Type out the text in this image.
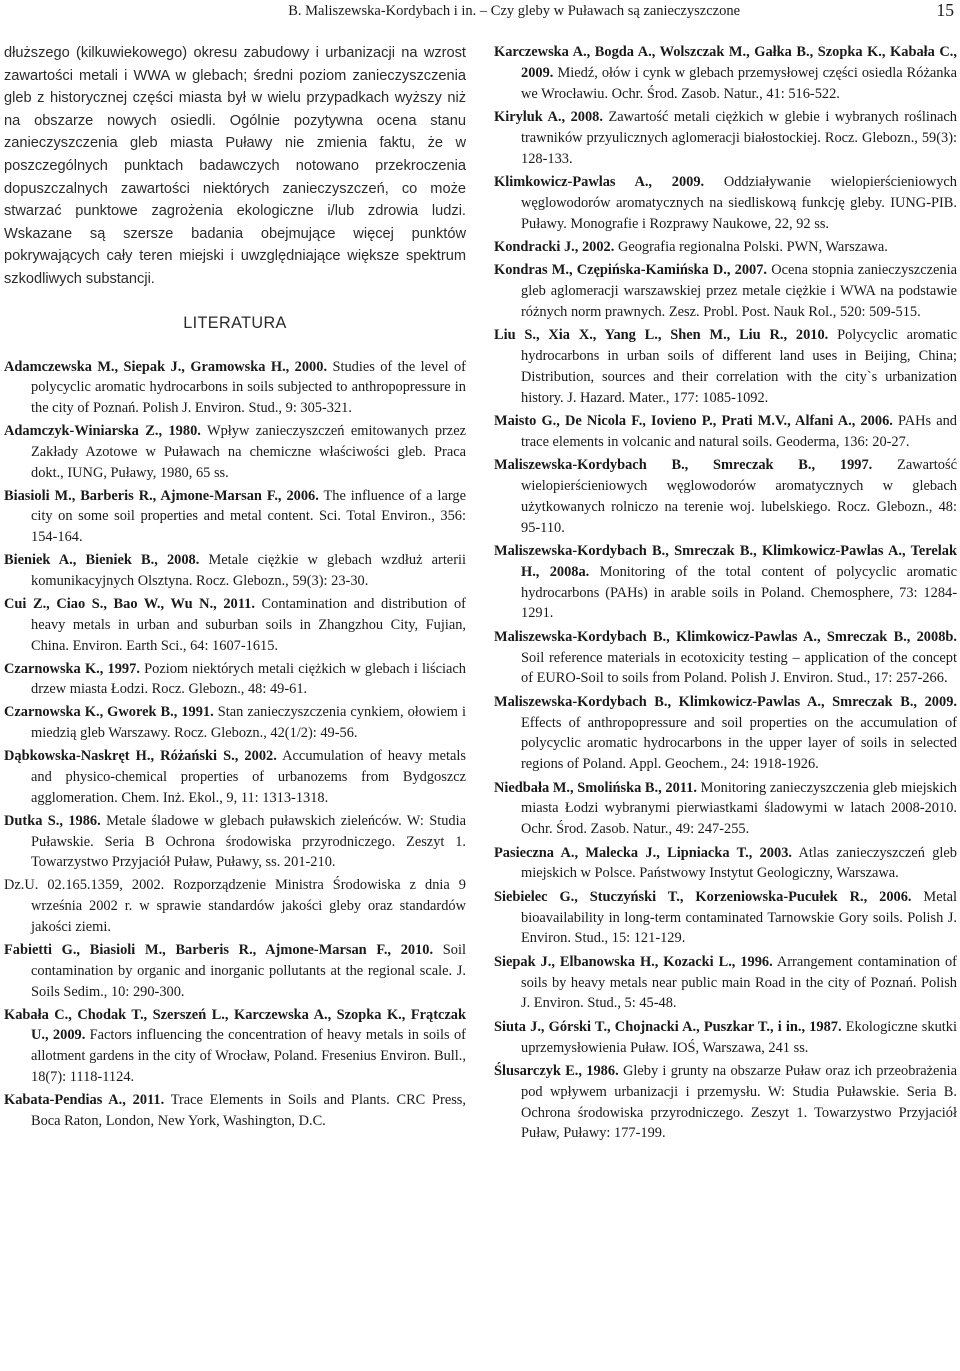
B. Maliszewska-Kordybach i in. – Czy gleby w Puławach są zanieczyszczone	15

dłuższego (kilkuwiekowego) okresu zabudowy i urbanizacji na wzrost zawartości metali i WWA w glebach; średni poziom zanieczyszczenia gleb z historycznej części miasta był w wielu przypadkach wyższy niż na obszarze nowych osiedli. Ogólnie pozytywna ocena stanu zanieczyszczenia gleb miasta Puławy nie zmienia faktu, że w poszczególnych punktach badawczych notowano przekroczenia dopuszczalnych zawartości niektórych zanieczyszczeń, co może stwarzać punktowe zagrożenia ekologiczne i/lub zdrowia ludzi. Wskazane są szersze badania obejmujące więcej punktów pokrywających cały teren miejski i uwzględniające większe spektrum szkodliwych substancji.

LITERATURA
Adamczewska M., Siepak J., Gramowska H., 2000. Studies of the level of polycyclic aromatic hydrocarbons in soils subjected to anthropopressure in the city of Poznań. Polish J. Environ. Stud., 9: 305-321.
Adamczyk-Winiarska Z., 1980. Wpływ zanieczyszczeń emitowanych przez Zakłady Azotowe w Puławach na chemiczne właściwości gleb. Praca dokt., IUNG, Puławy, 1980, 65 ss.
Biasioli M., Barberis R., Ajmone-Marsan F., 2006. The influence of a large city on some soil properties and metal content. Sci. Total Environ., 356: 154-164.
Bieniek A., Bieniek B., 2008. Metale ciężkie w glebach wzdłuż arterii komunikacyjnych Olsztyna. Rocz. Glebozn., 59(3): 23-30.
Cui Z., Ciao S., Bao W., Wu N., 2011. Contamination and distribution of heavy metals in urban and suburban soils in Zhangzhou City, Fujian, China. Environ. Earth Sci., 64: 1607-1615.
Czarnowska K., 1997. Poziom niektórych metali ciężkich w glebach i liściach drzew miasta Łodzi. Rocz. Glebozn., 48: 49-61.
Czarnowska K., Gworek B., 1991. Stan zanieczyszczenia cynkiem, ołowiem i miedzią gleb Warszawy. Rocz. Glebozn., 42(1/2): 49-56.
Dąbkowska-Naskręt H., Różański S., 2002. Accumulation of heavy metals and physico-chemical properties of urbanozems from Bydgoszcz agglomeration. Chem. Inż. Ekol., 9, 11: 1313-1318.
Dutka S., 1986. Metale śladowe w glebach puławskich zieleńców. W: Studia Puławskie. Seria B Ochrona środowiska przyrodniczego. Zeszyt 1. Towarzystwo Przyjaciół Puław, Puławy, ss. 201-210.
Dz.U. 02.165.1359, 2002. Rozporządzenie Ministra Środowiska z dnia 9 września 2002 r. w sprawie standardów jakości gleby oraz standardów jakości ziemi.
Fabietti G., Biasioli M., Barberis R., Ajmone-Marsan F., 2010. Soil contamination by organic and inorganic pollutants at the regional scale. J. Soils Sedim., 10: 290-300.
Kabała C., Chodak T., Szerszeń L., Karczewska A., Szopka K., Frątczak U., 2009. Factors influencing the concentration of heavy metals in soils of allotment gardens in the city of Wrocław, Poland. Fresenius Environ. Bull., 18(7): 1118-1124.
Kabata-Pendias A., 2011. Trace Elements in Soils and Plants. CRC Press, Boca Raton, London, New York, Washington, D.C.
Karczewska A., Bogda A., Wolszczak M., Gałka B., Szopka K., Kabała C., 2009. Miedź, ołów i cynk w glebach przemysłowej części osiedla Różanka we Wrocławiu. Ochr. Środ. Zasob. Natur., 41: 516-522.
Kiryluk A., 2008. Zawartość metali ciężkich w glebie i wybranych roślinach trawników przyulicznych aglomeracji białostockiej. Rocz. Glebozn., 59(3): 128-133.
Klimkowicz-Pawlas A., 2009. Oddziaływanie wielopierścieniowych węglowodorów aromatycznych na siedliskową funkcję gleby. IUNG-PIB. Puławy. Monografie i Rozprawy Naukowe, 22, 92 ss.
Kondracki J., 2002. Geografia regionalna Polski. PWN, Warszawa.
Kondras M., Czępińska-Kamińska D., 2007. Ocena stopnia zanieczyszczenia gleb aglomeracji warszawskiej przez metale ciężkie i WWA na podstawie różnych norm prawnych. Zesz. Probl. Post. Nauk Rol., 520: 509-515.
Liu S., Xia X., Yang L., Shen M., Liu R., 2010. Polycyclic aromatic hydrocarbons in urban soils of different land uses in Beijing, China; Distribution, sources and their correlation with the city`s urbanization history. J. Hazard. Mater., 177: 1085-1092.
Maisto G., De Nicola F., Iovieno P., Prati M.V., Alfani A., 2006. PAHs and trace elements in volcanic and natural soils. Geoderma, 136: 20-27.
Maliszewska-Kordybach B., Smreczak B., 1997. Zawartość wielopierścieniowych węglowodorów aromatycznych w glebach użytkowanych rolniczo na terenie woj. lubelskiego. Rocz. Glebozn., 48: 95-110.
Maliszewska-Kordybach B., Smreczak B., Klimkowicz-Pawlas A., Terelak H., 2008a. Monitoring of the total content of polycyclic aromatic hydrocarbons (PAHs) in arable soils in Poland. Chemosphere, 73: 1284-1291.
Maliszewska-Kordybach B., Klimkowicz-Pawlas A., Smreczak B., 2008b. Soil reference materials in ecotoxicity testing – application of the concept of EURO-Soil to soils from Poland. Polish J. Environ. Stud., 17: 257-266.
Maliszewska-Kordybach B., Klimkowicz-Pawlas A., Smreczak B., 2009. Effects of anthropopressure and soil properties on the accumulation of polycyclic aromatic hydrocarbons in the upper layer of soils in selected regions of Poland. Appl. Geochem., 24: 1918-1926.
Niedbała M., Smolińska B., 2011. Monitoring zanieczyszczenia gleb miejskich miasta Łodzi wybranymi pierwiastkami śladowymi w latach 2008-2010. Ochr. Środ. Zasob. Natur., 49: 247-255.
Pasieczna A., Malecka J., Lipniacka T., 2003. Atlas zanieczyszczeń gleb miejskich w Polsce. Państwowy Instytut Geologiczny, Warszawa.
Siebielec G., Stuczyński T., Korzeniowska-Pucułek R., 2006. Metal bioavailability in long-term contaminated Tarnowskie Gory soils. Polish J. Environ. Stud., 15: 121-129.
Siepak J., Elbanowska H., Kozacki L., 1996. Arrangement contamination of soils by heavy metals near public main Road in the city of Poznań. Polish J. Environ. Stud., 5: 45-48.
Siuta J., Górski T., Chojnacki A., Puszkar T., i in., 1987. Ekologiczne skutki uprzemysłowienia Puław. IOŚ, Warszawa, 241 ss.
Ślusarczyk E., 1986. Gleby i grunty na obszarze Puław oraz ich przeobrażenia pod wpływem urbanizacji i przemysłu. W: Studia Puławskie. Seria B. Ochrona środowiska przyrodniczego. Zeszyt 1. Towarzystwo Przyjaciół Puław, Puławy: 177-199.
